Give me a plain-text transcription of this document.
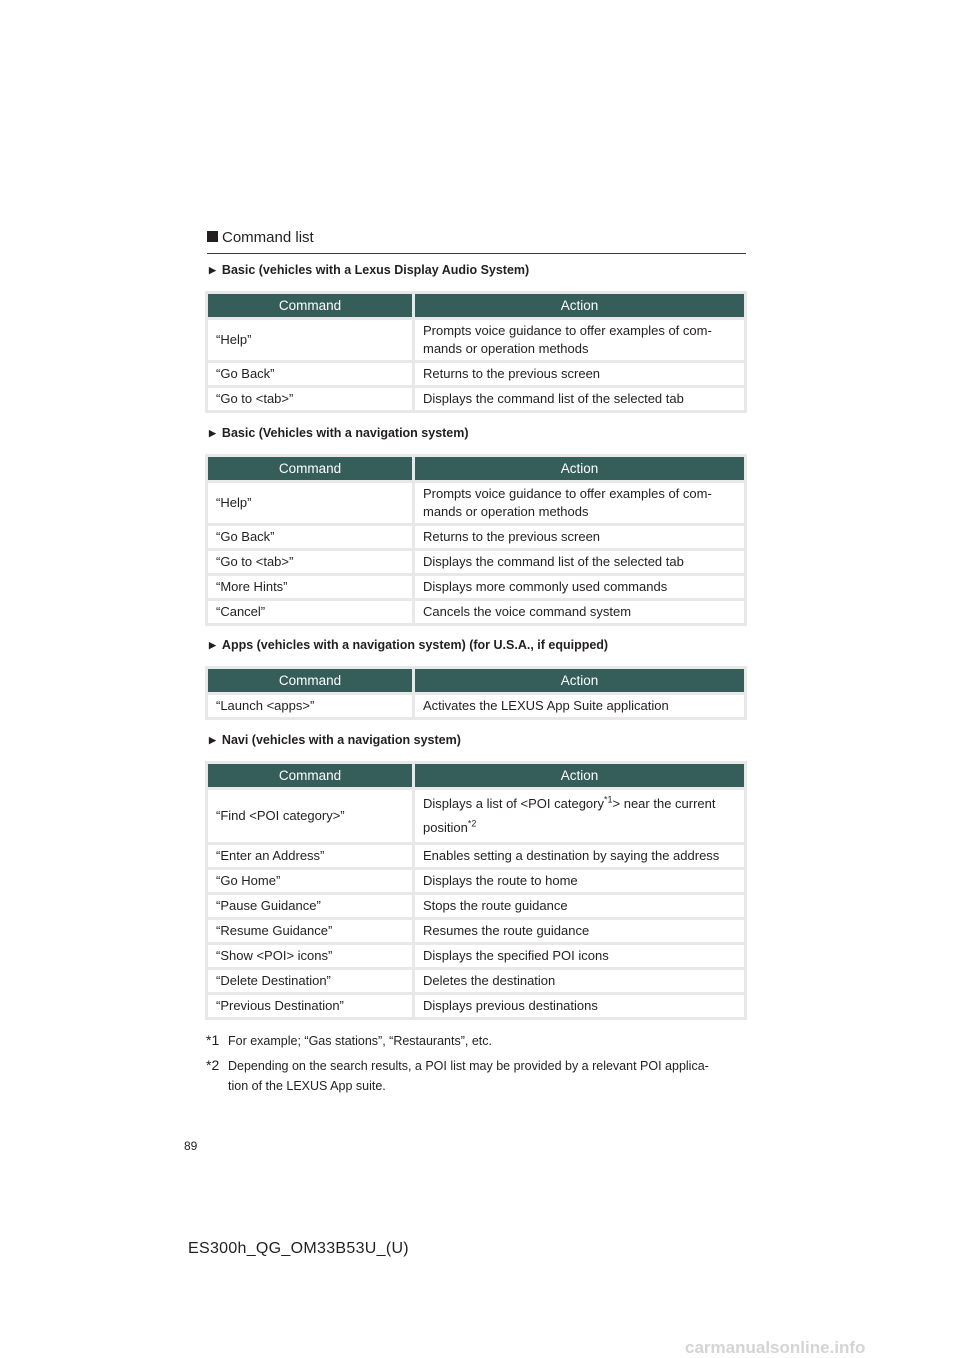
Command list
▶ Basic (vehicles with a Lexus Display Audio System)
Command	Action
“Help”	Prompts voice guidance to offer examples of com-
mands or operation methods
“Go Back”	Returns to the previous screen
“Go to <tab>”	Displays the command list of the selected tab
▶ Basic (Vehicles with a navigation system)
Command	Action
“Help”	Prompts voice guidance to offer examples of com-
mands or operation methods
“Go Back”	Returns to the previous screen
“Go to <tab>”	Displays the command list of the selected tab
“More Hints”	Displays more commonly used commands
“Cancel”	Cancels the voice command system
▶ Apps (vehicles with a navigation system) (for U.S.A., if equipped)
Command	Action
“Launch <apps>”	Activates the LEXUS App Suite application
▶ Navi (vehicles with a navigation system)
Command	Action
“Find <POI category>”	Displays a list of <POI category$^{*1}$> near the current
position$^{*2}$
“Enter an Address”	Enables setting a destination by saying the address
“Go Home”	Displays the route to home
“Pause Guidance”	Stops the route guidance
“Resume Guidance”	Resumes the route guidance
“Show <POI> icons”	Displays the specified POI icons
“Delete Destination”	Deletes the destination
“Previous Destination”	Displays previous destinations
*1 For example; “Gas stations”, “Restaurants”, etc.
*2 Depending on the search results, a POI list may be provided by a relevant POI applica-
tion of the LEXUS App suite.
89
ES300h_QG_OM33B53U_(U)
carmanualsonline.info
